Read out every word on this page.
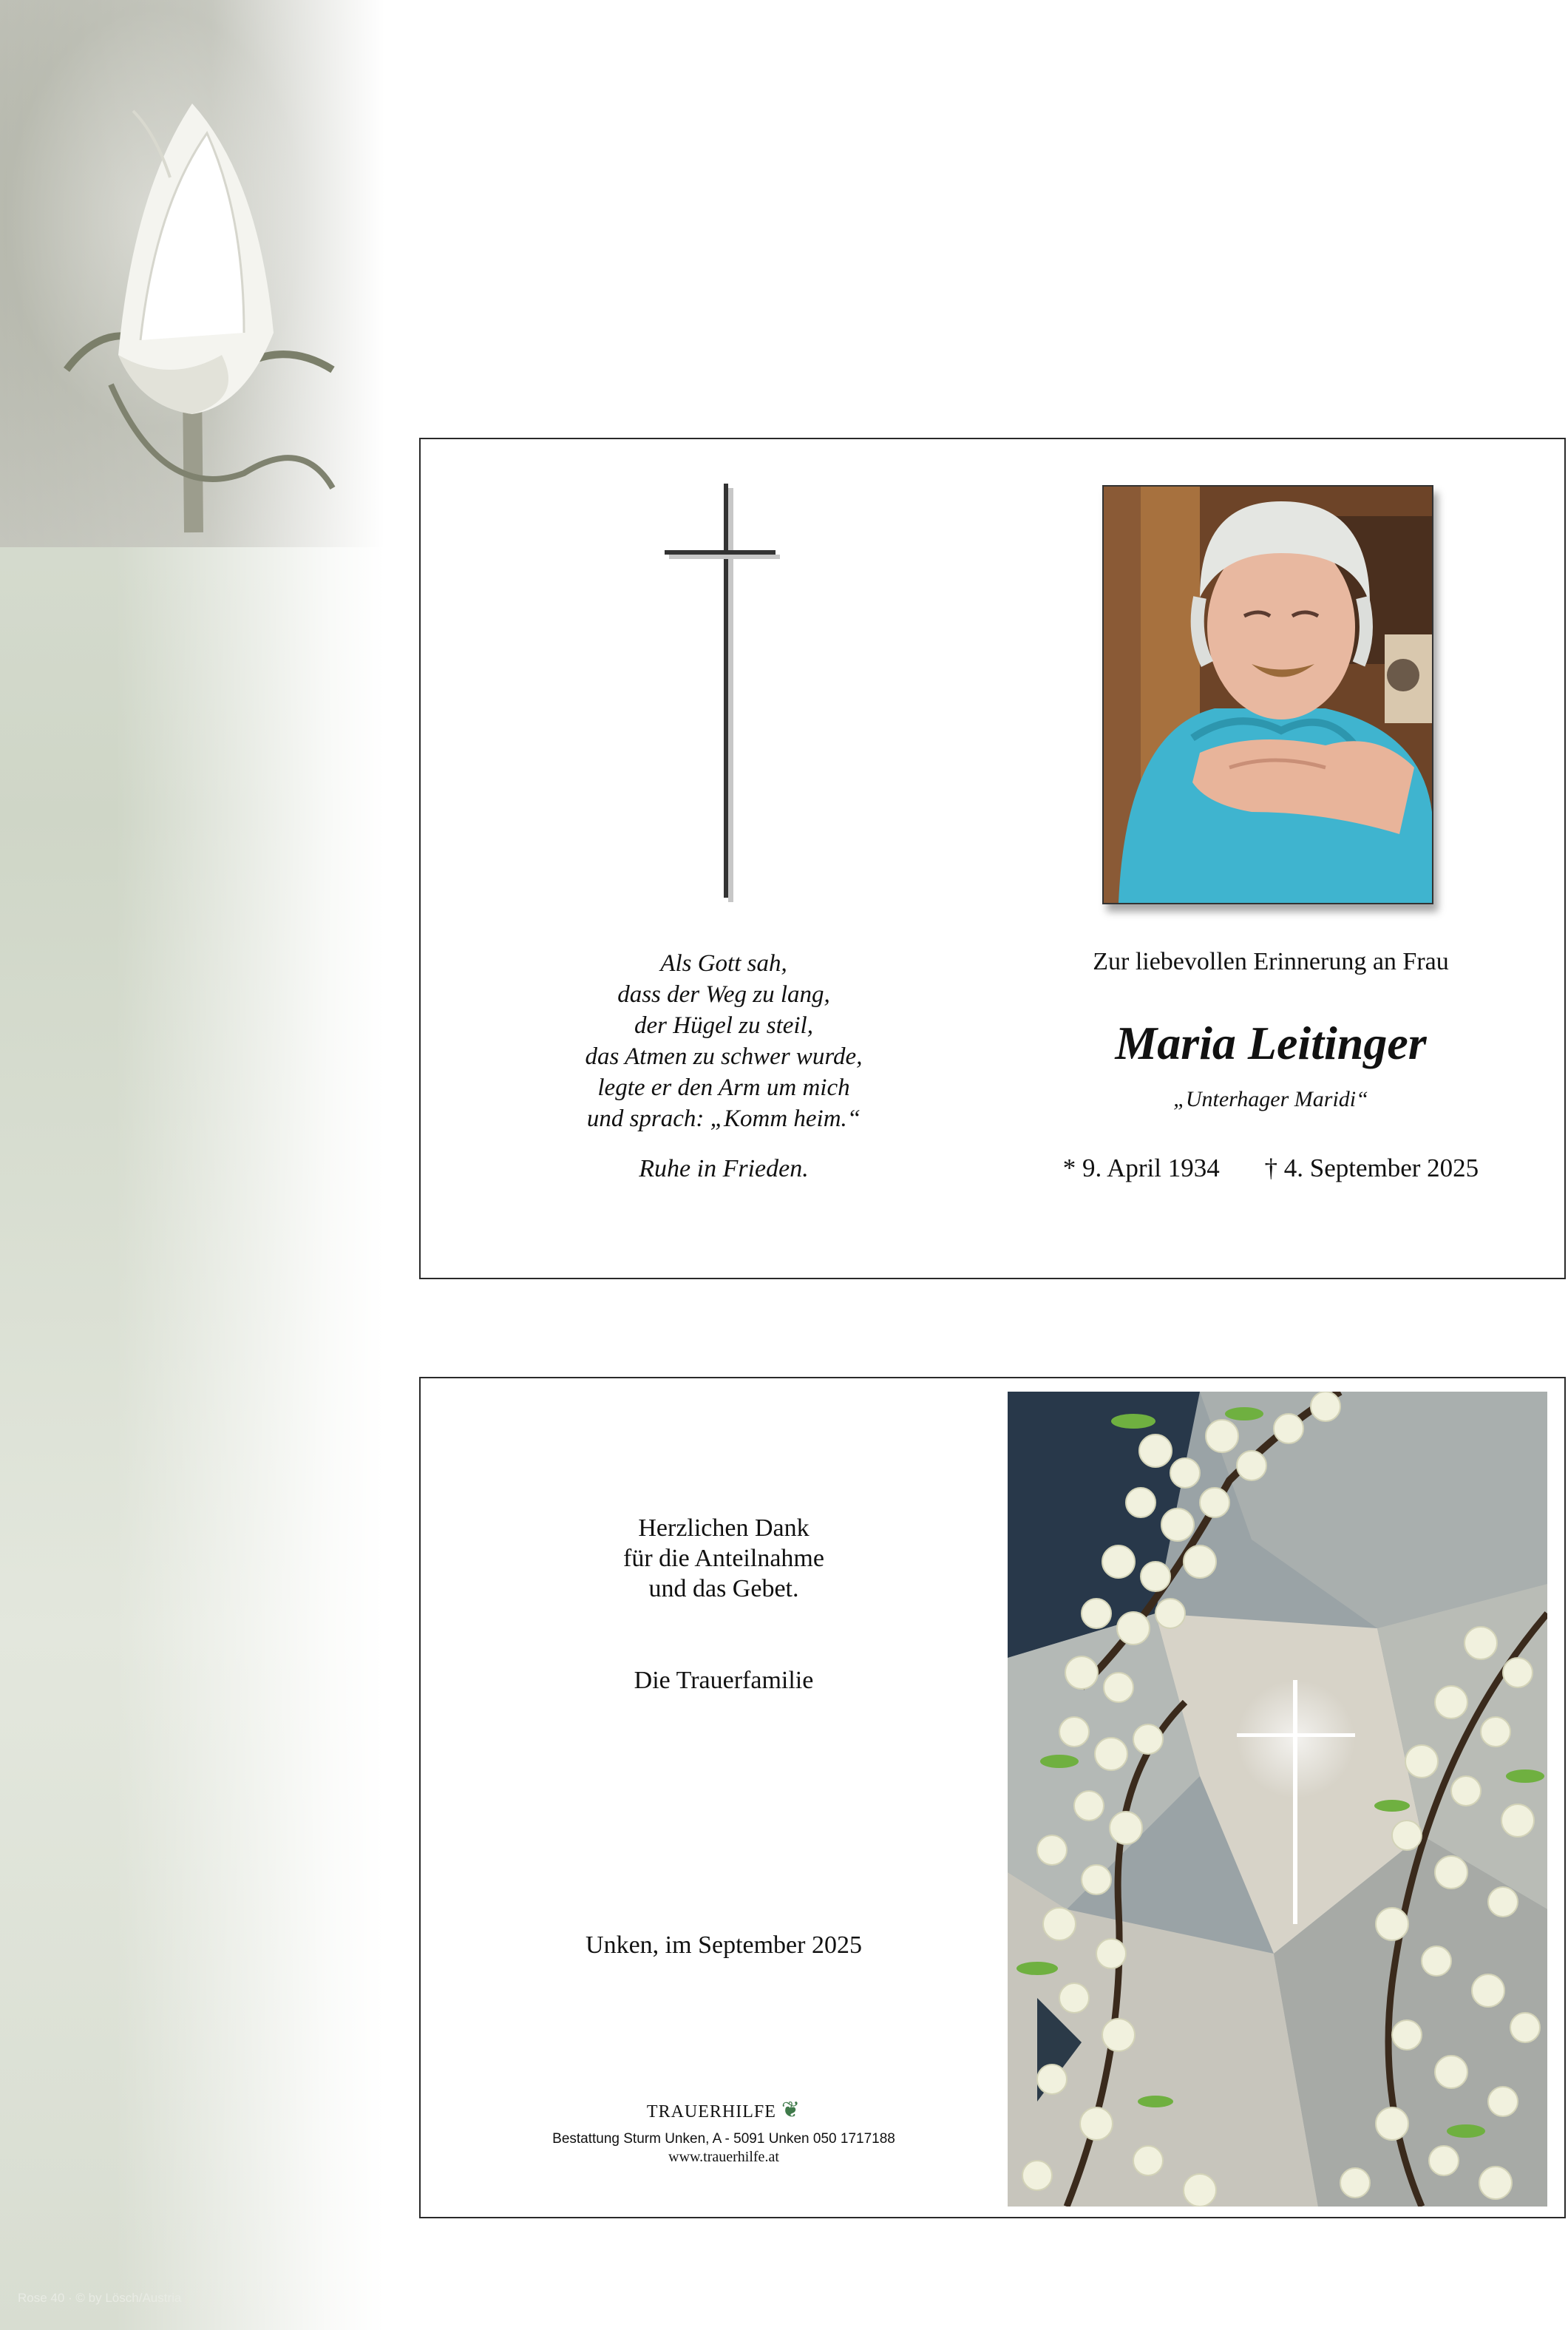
Rose 40 · © by Lösch/Austria
Als Gott sah,
dass der Weg zu lang,
der Hügel zu steil,
das Atmen zu schwer wurde,
legte er den Arm um mich
und sprach: „Komm heim.“
Ruhe in Frieden.
Zur liebevollen Erinnerung an Frau
Maria Leitinger
„Unterhager Maridi“
* 9. April 1934 † 4. September 2025
Herzlichen Dank
für die Anteilnahme
und das Gebet.
Die Trauerfamilie
Unken, im September 2025
TRAUERHILFE ❦
Bestattung Sturm Unken, A - 5091 Unken 050 1717188
www.trauerhilfe.at
